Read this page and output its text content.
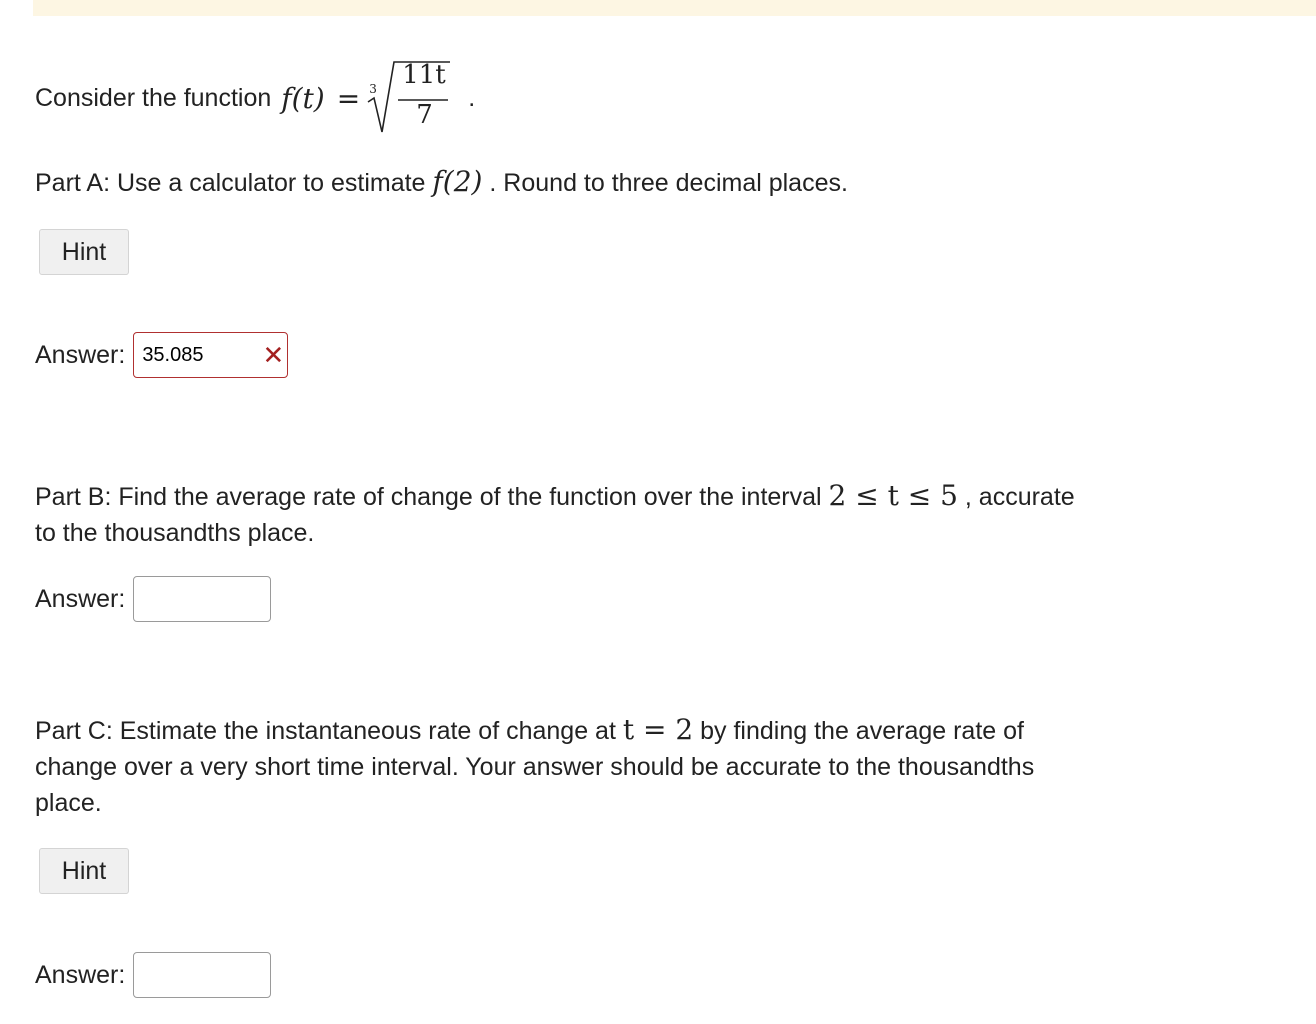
Consider the function f(t) = 3 11t
7
.
Part A: Use a calculator to estimate f(2) . Round to three decimal places.
Hint
Answer:
35.085	✕
Part B: Find the average rate of change of the function over the interval 2 ≤ t ≤ 5 , accurate
to the thousandths place.
Answer:
Part C: Estimate the instantaneous rate of change at t = 2 by finding the average rate of
change over a very short time interval. Your answer should be accurate to the thousandths
place.
Hint
Answer:
